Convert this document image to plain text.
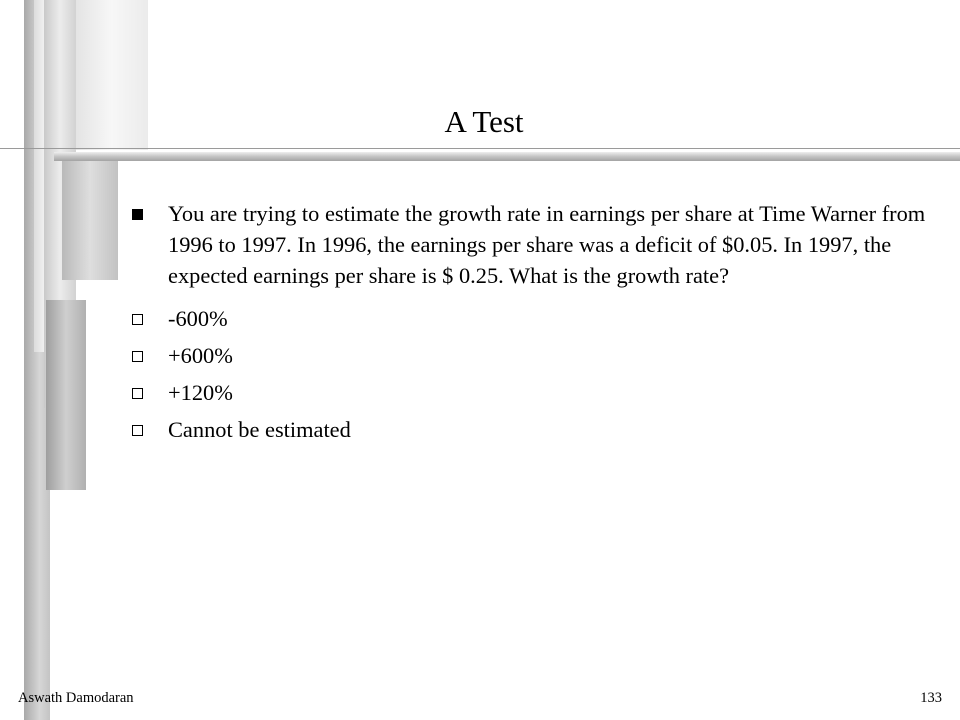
A Test
You are trying to estimate the growth rate in earnings per share at Time Warner from 1996 to 1997. In 1996, the earnings per share was a deficit of $0.05. In 1997, the expected earnings per share is $ 0.25. What is the growth rate?
-600%
+600%
+120%
Cannot be estimated
Aswath Damodaran	133
